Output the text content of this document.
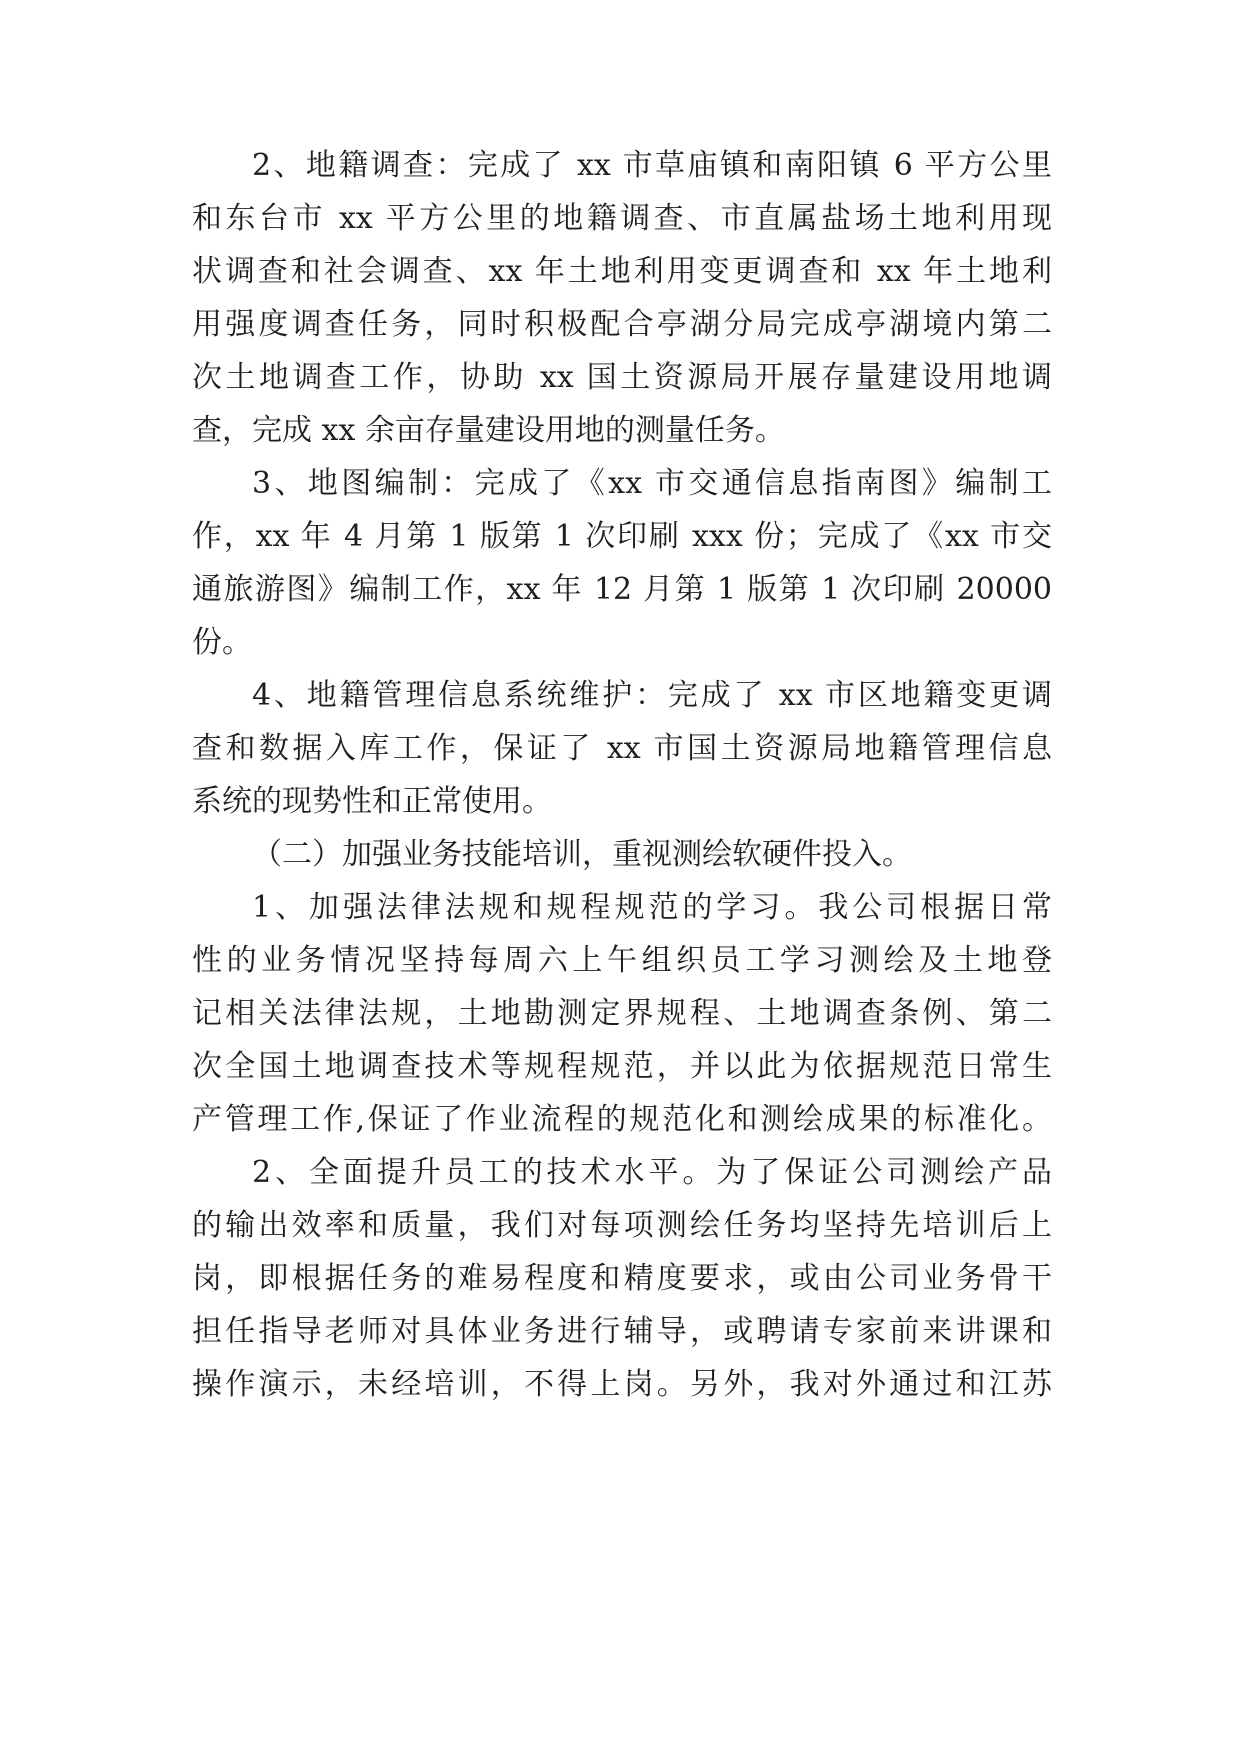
2、地籍调查：完成了 xx 市草庙镇和南阳镇 6 平方公里
和东台市 xx 平方公里的地籍调查、市直属盐场土地利用现
状调查和社会调查、xx 年土地利用变更调查和 xx 年土地利
用强度调查任务，同时积极配合亭湖分局完成亭湖境内第二
次土地调查工作，协助 xx 国土资源局开展存量建设用地调
查，完成 xx 余亩存量建设用地的测量任务。
3、地图编制：完成了《xx 市交通信息指南图》编制工
作，xx 年 4 月第 1 版第 1 次印刷 xxx 份；完成了《xx 市交
通旅游图》编制工作，xx 年 12 月第 1 版第 1 次印刷 20000
份。
4、地籍管理信息系统维护：完成了 xx 市区地籍变更调
查和数据入库工作，保证了 xx 市国土资源局地籍管理信息
系统的现势性和正常使用。
（二）加强业务技能培训，重视测绘软硬件投入。
1、加强法律法规和规程规范的学习。我公司根据日常
性的业务情况坚持每周六上午组织员工学习测绘及土地登
记相关法律法规，土地勘测定界规程、土地调查条例、第二
次全国土地调查技术等规程规范，并以此为依据规范日常生
产管理工作,保证了作业流程的规范化和测绘成果的标准化。
2、全面提升员工的技术水平。为了保证公司测绘产品
的输出效率和质量，我们对每项测绘任务均坚持先培训后上
岗，即根据任务的难易程度和精度要求，或由公司业务骨干
担任指导老师对具体业务进行辅导，或聘请专家前来讲课和
操作演示，未经培训，不得上岗。另外，我对外通过和江苏
